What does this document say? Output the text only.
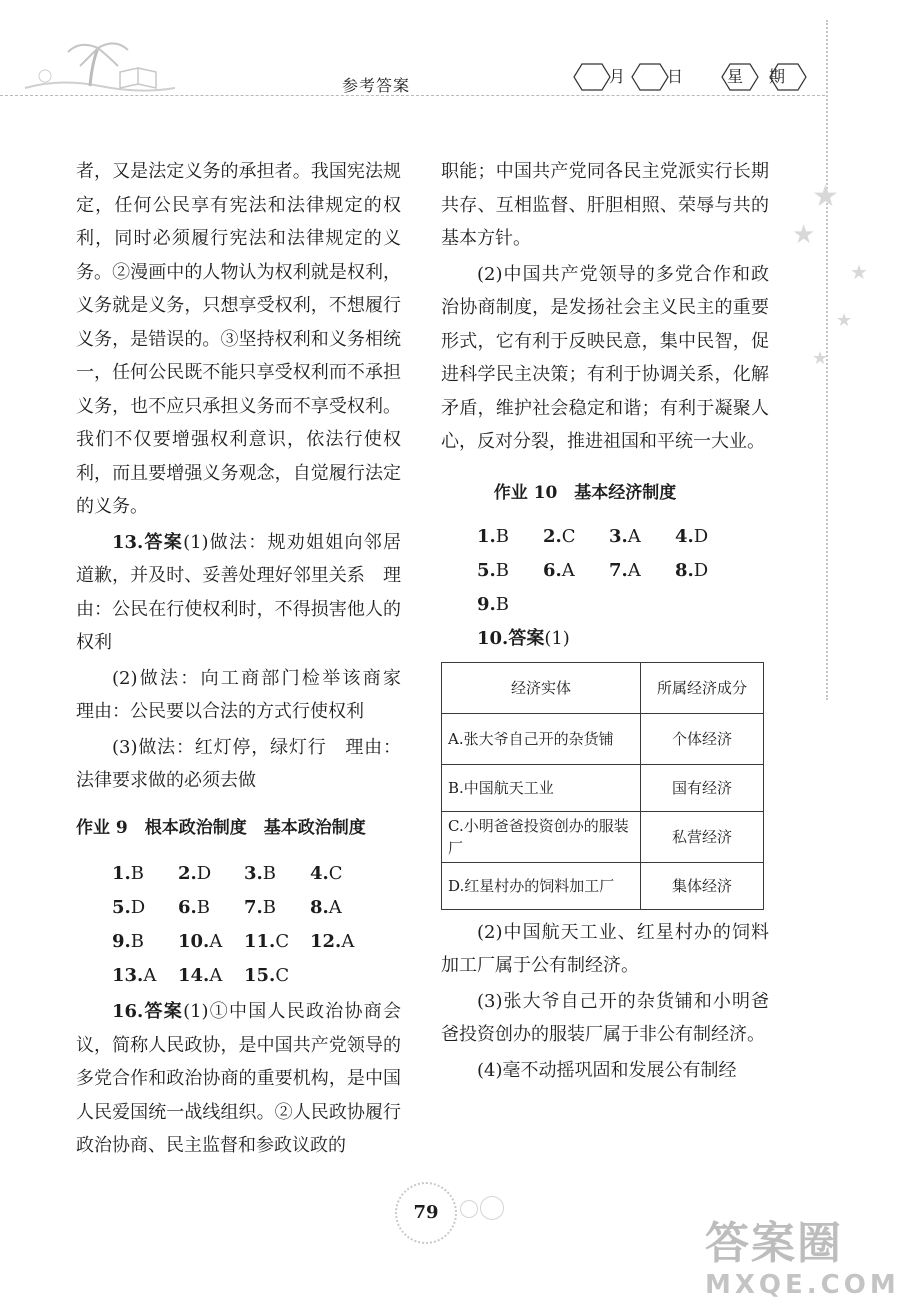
参考答案	月	日	星 期
★
★
★
★
★

者，又是法定义务的承担者。我国宪法规定，任何公民享有宪法和法律规定的权利，同时必须履行宪法和法律规定的义务。②漫画中的人物认为权利就是权利，义务就是义务，只想享受权利，不想履行义务，是错误的。③坚持权利和义务相统一，任何公民既不能只享受权利而不承担义务，也不应只承担义务而不享受权利。我们不仅要增强权利意识，依法行使权利，而且要增强义务观念，自觉履行法定的义务。

13.答案(1)做法：规劝姐姐向邻居道歉，并及时、妥善处理好邻里关系　理由：公民在行使权利时，不得损害他人的权利

(2)做法：向工商部门检举该商家　理由：公民要以合法的方式行使权利

(3)做法：红灯停，绿灯行　理由：法律要求做的必须去做

作业 9　根本政治制度　基本政治制度

1.B	2.D	3.B	4.C
5.D	6.B	7.B	8.A
9.B	10.A	11.C	12.A
13.A	14.A	15.C

16.答案(1)①中国人民政治协商会议，简称人民政协，是中国共产党领导的多党合作和政治协商的重要机构，是中国人民爱国统一战线组织。②人民政协履行政治协商、民主监督和参政议政的

职能；中国共产党同各民主党派实行长期共存、互相监督、肝胆相照、荣辱与共的基本方针。

(2)中国共产党领导的多党合作和政治协商制度，是发扬社会主义民主的重要形式，它有利于反映民意，集中民智，促进科学民主决策；有利于协调关系，化解矛盾，维护社会稳定和谐；有利于凝聚人心，反对分裂，推进祖国和平统一大业。

作业 10　基本经济制度

1.B	2.C	3.A	4.D
5.B	6.A	7.A	8.D
9.B

10.答案(1)

经济实体	所属经济成分
A.张大爷自己开的杂货铺	个体经济
B.中国航天工业	国有经济
C.小明爸爸投资创办的服装厂	私营经济
D.红星村办的饲料加工厂	集体经济

(2)中国航天工业、红星村办的饲料加工厂属于公有制经济。

(3)张大爷自己开的杂货铺和小明爸爸投资创办的服装厂属于非公有制经济。

(4)毫不动摇巩固和发展公有制经

79
答案圈
MXQE.COM
